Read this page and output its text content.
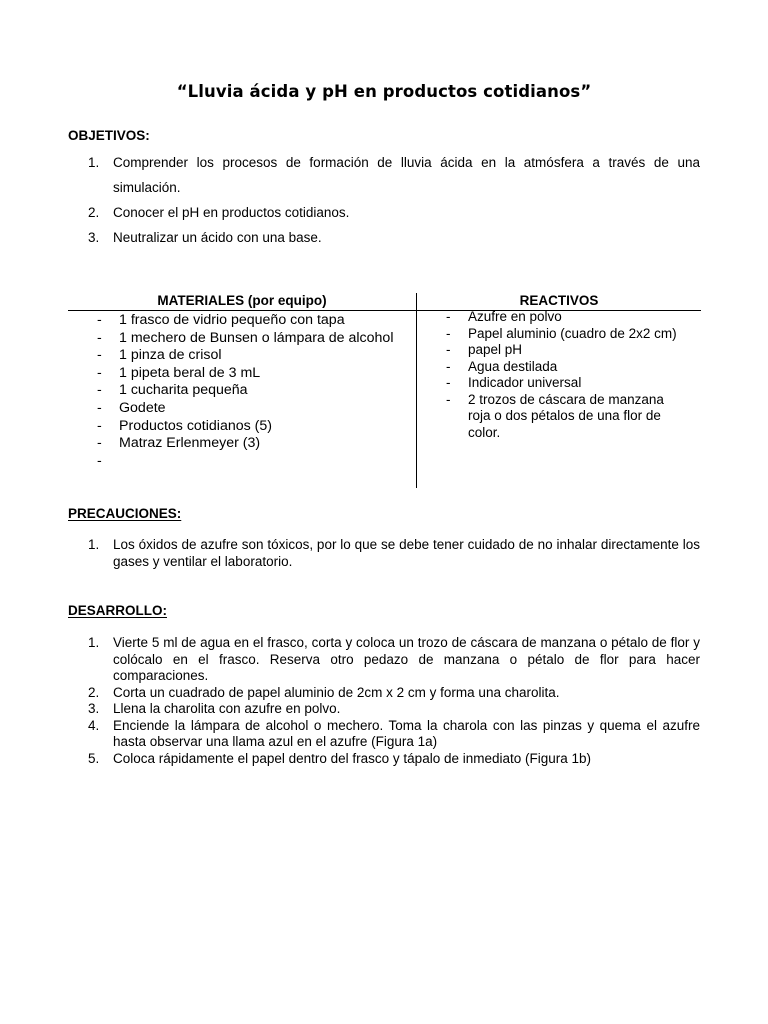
“Lluvia ácida y pH en productos cotidianos”
OBJETIVOS:
1. Comprender los procesos de formación de lluvia ácida en la atmósfera a través de una simulación.
2. Conocer el pH en productos cotidianos.
3. Neutralizar un ácido con una base.
MATERIALES (por equipo)	REACTIVOS
- 1 frasco de vidrio pequeño con tapa
- 1 mechero de Bunsen o lámpara de alcohol
- 1 pinza de crisol
- 1 pipeta beral de 3 mL
- 1 cucharita pequeña
- Godete
- Productos cotidianos (5)
- Matraz Erlenmeyer (3)
-
- Azufre en polvo
- Papel aluminio (cuadro de 2x2 cm)
- papel pH
- Agua destilada
- Indicador universal
- 2 trozos de cáscara de manzana roja o dos pétalos de una flor de color.
PRECAUCIONES:
1. Los óxidos de azufre son tóxicos, por lo que se debe tener cuidado de no inhalar directamente los gases y ventilar el laboratorio.
DESARROLLO:
1. Vierte 5 ml de agua en el frasco, corta y coloca un trozo de cáscara de manzana o pétalo de flor y colócalo en el frasco. Reserva otro pedazo de manzana o pétalo de flor para hacer comparaciones.
2. Corta un cuadrado de papel aluminio de 2cm x 2 cm y forma una charolita.
3. Llena la charolita con azufre en polvo.
4. Enciende la lámpara de alcohol o mechero. Toma la charola con las pinzas y quema el azufre hasta observar una llama azul en el azufre (Figura 1a)
5. Coloca rápidamente el papel dentro del frasco y tápalo de inmediato (Figura 1b)
